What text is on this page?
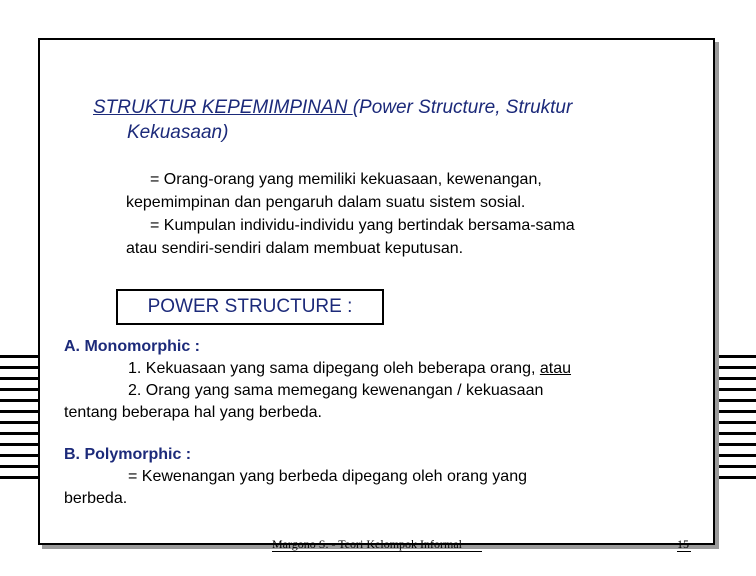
STRUKTUR KEPEMIMPINAN (Power Structure, Struktur
Kekuasaan)
= Orang-orang yang memiliki kekuasaan, kewenangan,
kepemimpinan dan pengaruh dalam suatu sistem sosial.
= Kumpulan individu-individu yang bertindak bersama-sama
atau sendiri-sendiri dalam membuat keputusan.
POWER STRUCTURE :
A. Monomorphic :
1. Kekuasaan yang sama dipegang oleh beberapa orang, atau
2. Orang yang sama memegang kewenangan / kekuasaan
tentang beberapa hal yang berbeda.
B. Polymorphic :
= Kewenangan yang berbeda dipegang oleh orang yang
berbeda.
Margono S. - Teori Kelompok Informal	15
